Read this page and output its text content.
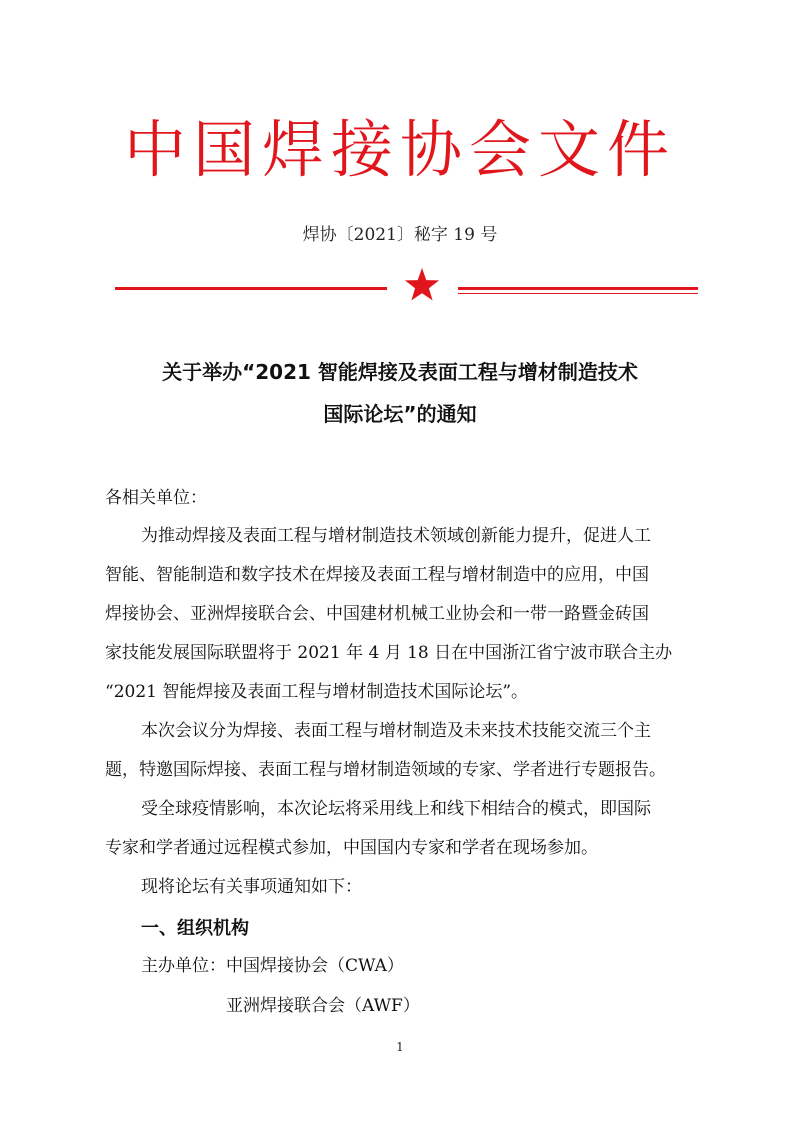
中国焊接协会文件
焊协〔2021〕秘字 19 号
关于举办“2021 智能焊接及表面工程与增材制造技术
国际论坛”的通知
各相关单位：
为推动焊接及表面工程与增材制造技术领域创新能力提升，促进人工
智能、智能制造和数字技术在焊接及表面工程与增材制造中的应用，中国
焊接协会、亚洲焊接联合会、中国建材机械工业协会和一带一路暨金砖国
家技能发展国际联盟将于 2021 年 4 月 18 日在中国浙江省宁波市联合主办
“2021 智能焊接及表面工程与增材制造技术国际论坛”。
本次会议分为焊接、表面工程与增材制造及未来技术技能交流三个主
题，特邀国际焊接、表面工程与增材制造领域的专家、学者进行专题报告。
受全球疫情影响，本次论坛将采用线上和线下相结合的模式，即国际
专家和学者通过远程模式参加，中国国内专家和学者在现场参加。
现将论坛有关事项通知如下：
一、组织机构
主办单位：中国焊接协会（CWA）
亚洲焊接联合会（AWF）
1
